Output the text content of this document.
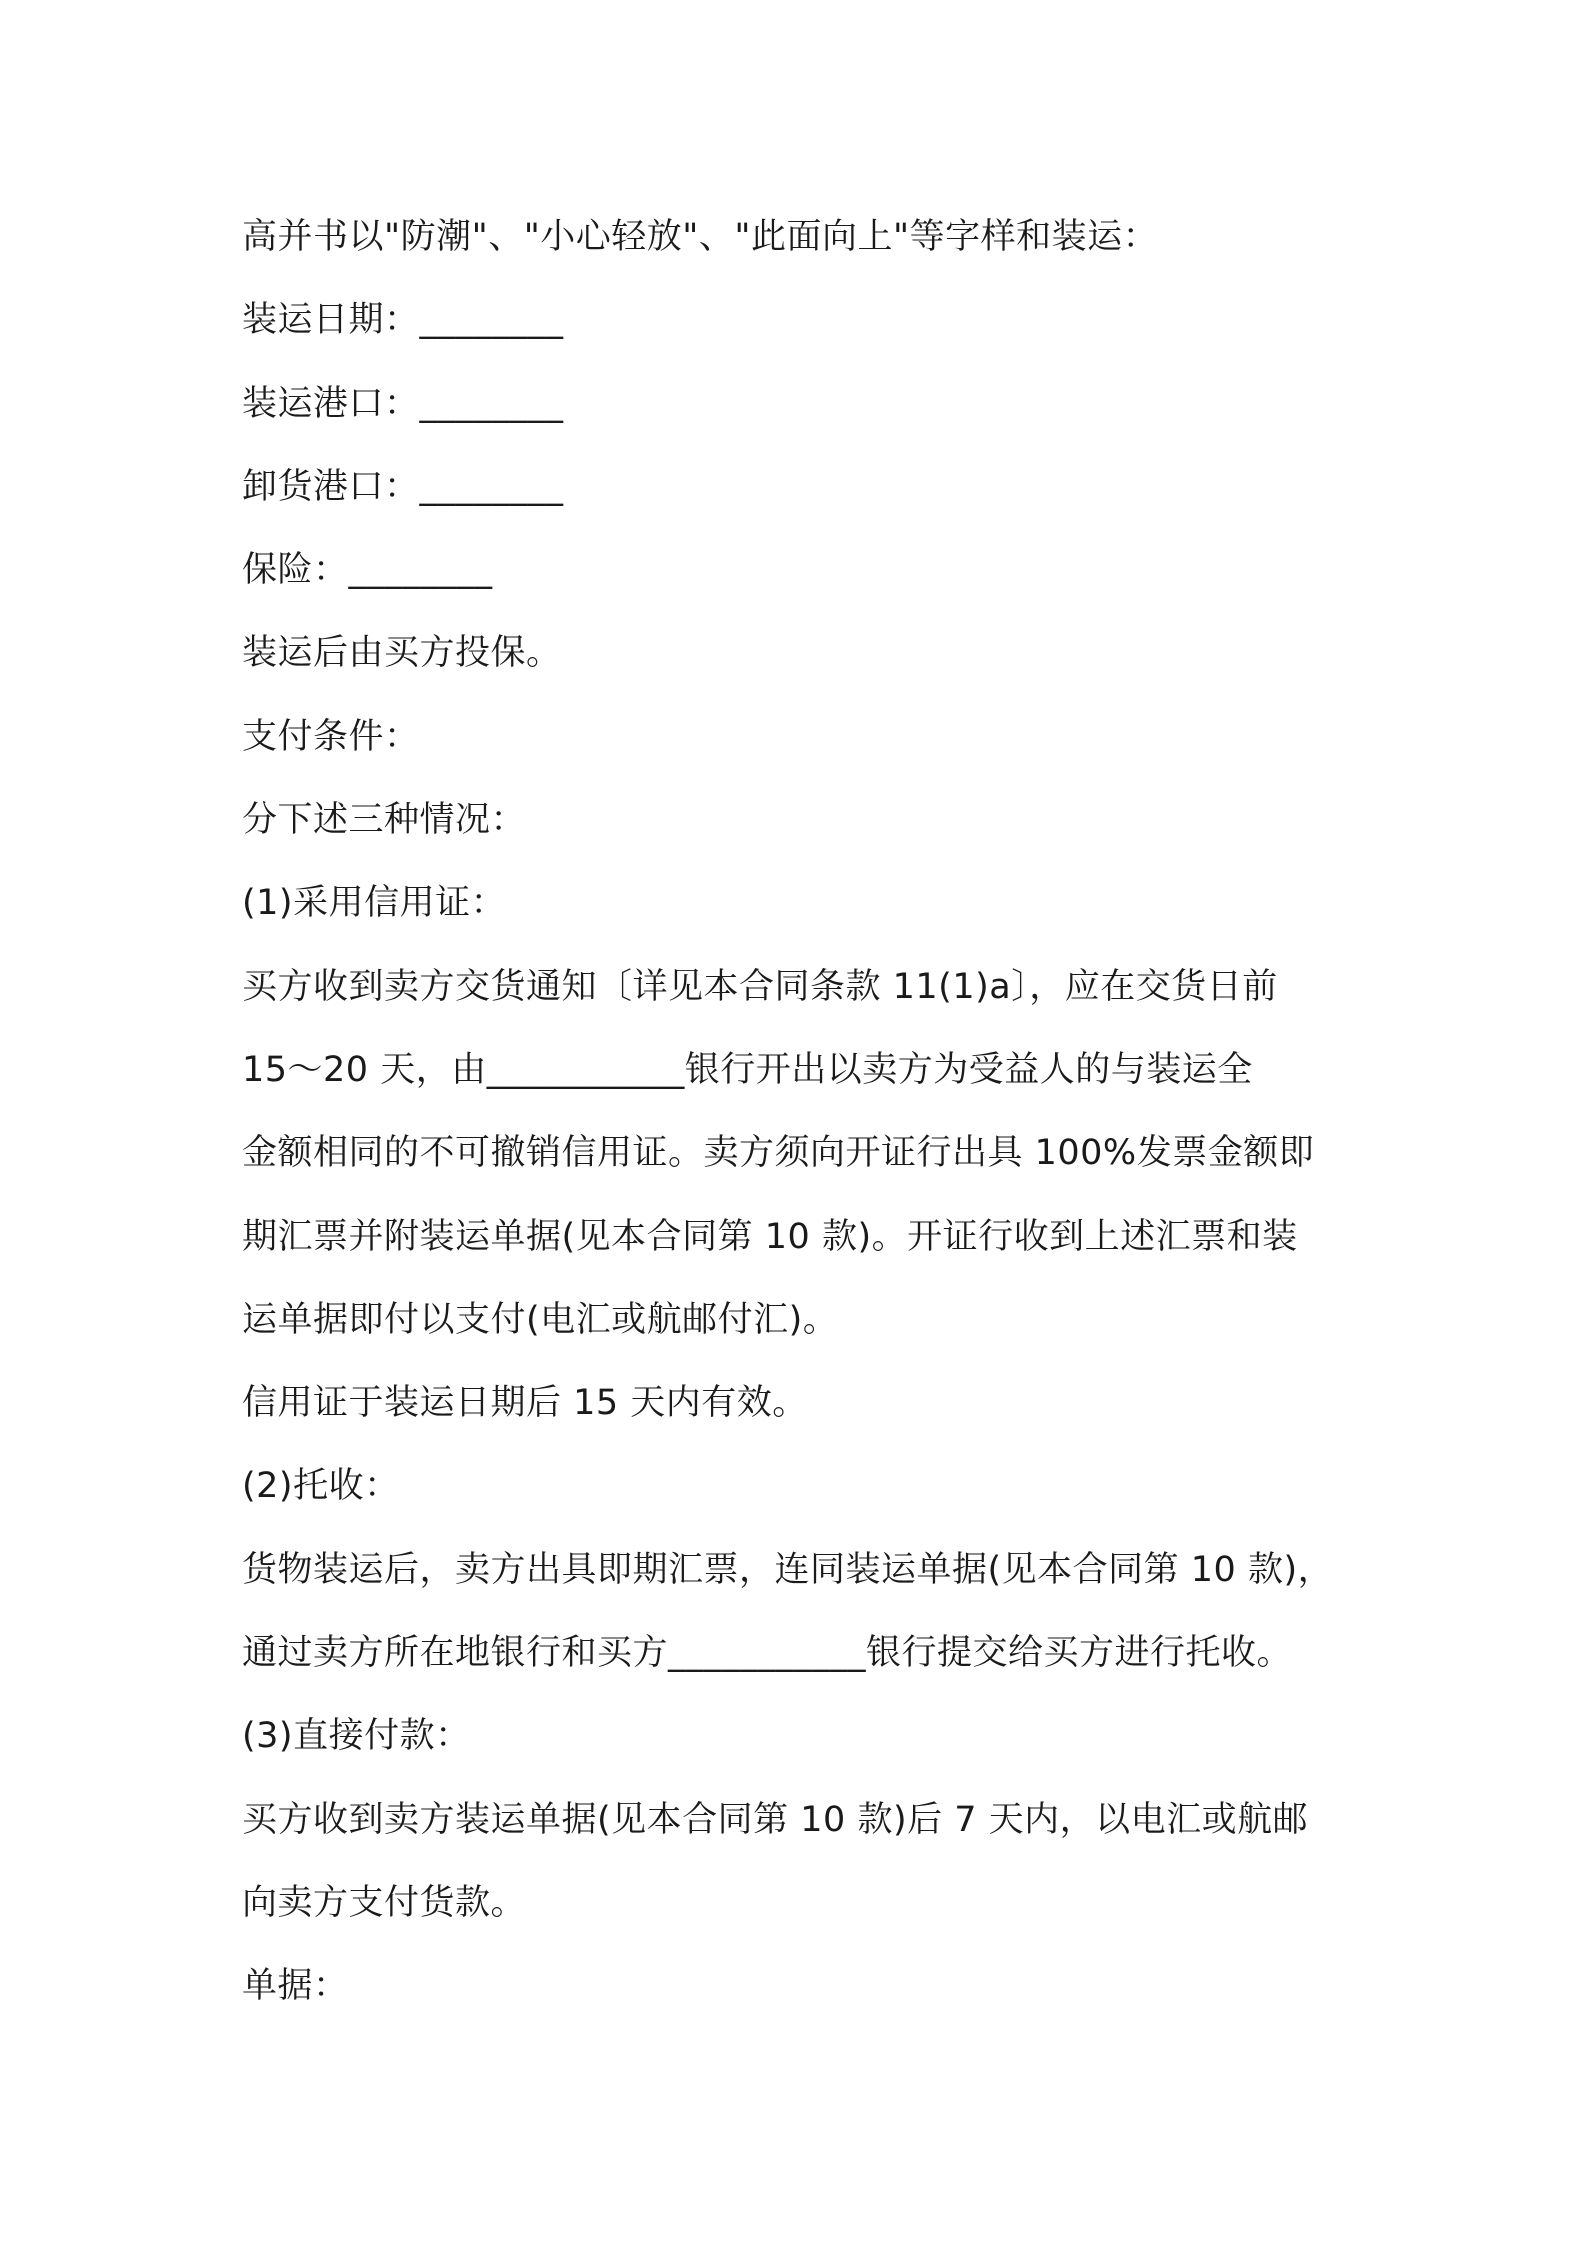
高并书以"防潮"、"小心轻放"、"此面向上"等字样和装运：
装运日期：________
装运港口：________
卸货港口：________
保险：________
装运后由买方投保。
支付条件：
分下述三种情况：
(1)采用信用证：
买方收到卖方交货通知〔详见本合同条款 11(1)a〕，应在交货日前
15～20 天，由___________银行开出以卖方为受益人的与装运全
金额相同的不可撤销信用证。卖方须向开证行出具 100%发票金额即
期汇票并附装运单据(见本合同第 10 款)。开证行收到上述汇票和装
运单据即付以支付(电汇或航邮付汇)。
信用证于装运日期后 15 天内有效。
(2)托收：
货物装运后，卖方出具即期汇票，连同装运单据(见本合同第 10 款)，
通过卖方所在地银行和买方___________银行提交给买方进行托收。
(3)直接付款：
买方收到卖方装运单据(见本合同第 10 款)后 7 天内，以电汇或航邮
向卖方支付货款。
单据：
